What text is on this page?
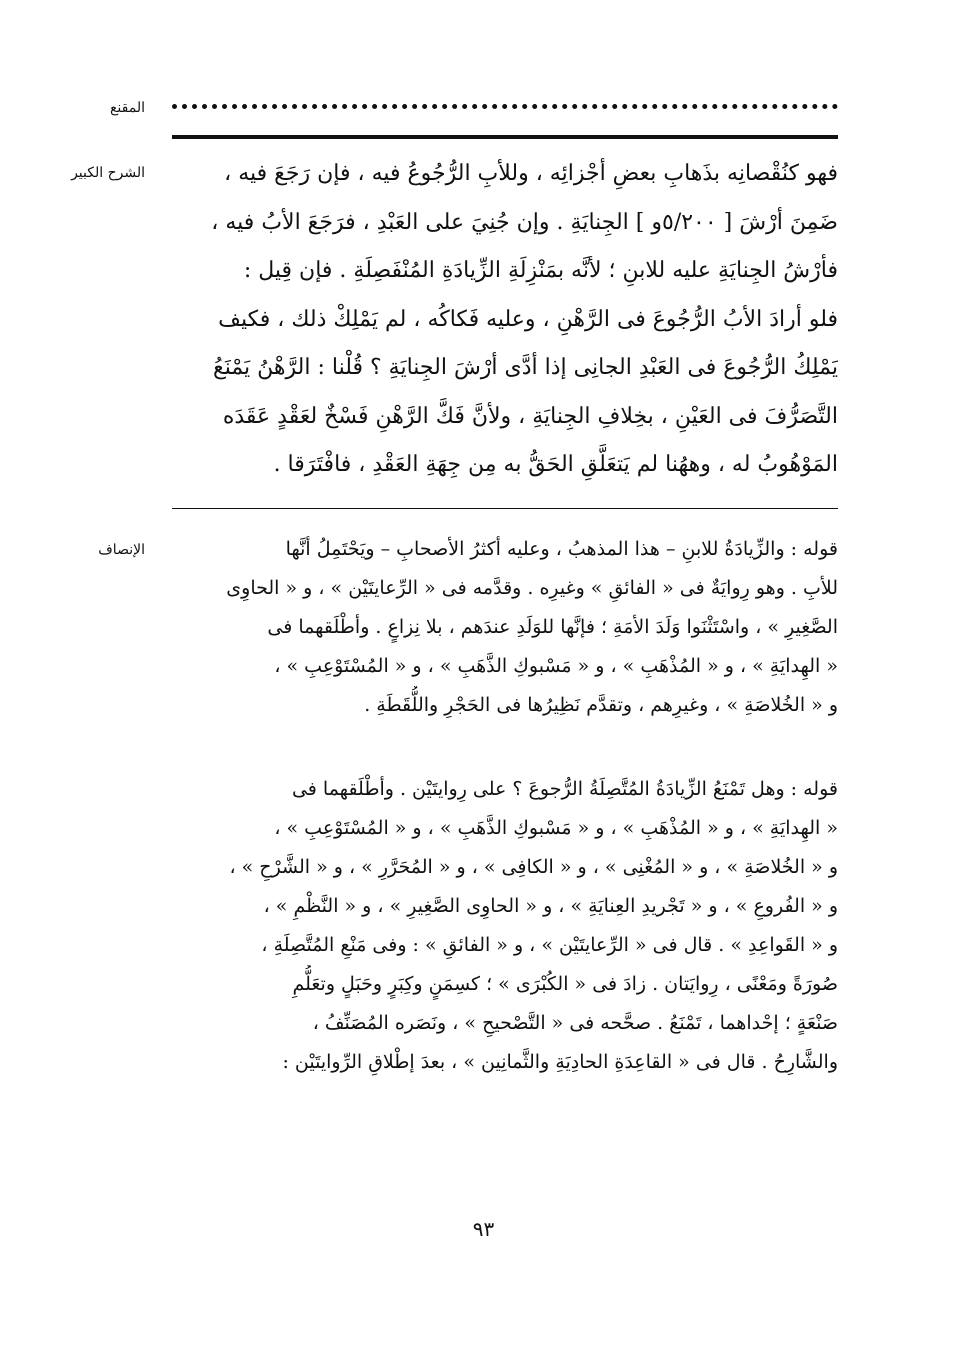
المقنع
الشرح الكبير	فهو كنُقْصانِه بذَهابِ بعضِ أجْزائِه ، وللأبِ الرُّجُوعُ فيه ، فإن رَجَعَ فيه ،
ضَمِنَ أرْشَ [ ٥/٢٠٠و ] الجِنايَةِ . وإن جُنِيَ على العَبْدِ ، فرَجَعَ الأبُ فيه ،
فأرْشُ الجِنايَةِ عليه للابنِ ؛ لأنَّه بمَنْزِلَةِ الزِّيادَةِ المُنْفَصِلَةِ . فإن قِيل :
فلو أرادَ الأبُ الرُّجُوعَ فى الرَّهْنِ ، وعليه فَكاكُه ، لم يَمْلِكْ ذلك ، فكيف
يَمْلِكُ الرُّجُوعَ فى العَبْدِ الجانِى إذا أدَّى أرْشَ الجِنايَةِ ؟ قُلْنا : الرَّهْنُ يَمْنَعُ
التَّصَرُّفَ فى العَيْنِ ، بخِلافِ الجِنايَةِ ، ولأنَّ فَكَّ الرَّهْنِ فَسْخٌ لعَقْدٍ عَقَدَه
المَوْهُوبُ له ، وههُنا لم يَتعَلَّقِ الحَقُّ به مِن جِهَةِ العَقْدِ ، فافْتَرَقا .
الإنصاف	قوله : والزِّيادَةُ للابنِ – هذا المذهبُ ، وعليه أكثرُ الأصحابِ – ويَحْتَمِلُ أنَّها
للأبِ . وهو رِوايَةٌ فى « الفائقِ » وغيرِه . وقدَّمه فى « الرِّعايتَيْن » ، و « الحاوِى
الصَّغِيرِ » ، واسْتَثْنَوا وَلَدَ الأمَةِ ؛ فإنَّها للوَلَدِ عندَهم ، بلا نِزاعٍ . وأطْلَقهما فى
« الهِدايَةِ » ، و « المُذْهَبِ » ، و « مَسْبوكِ الذَّهَبِ » ، و « المُسْتَوْعِبِ » ،
و « الخُلاصَةِ » ، وغيرِهم ، وتقدَّم نَظِيرُها فى الحَجْرِ واللُّقَطَةِ .
قوله : وهل تَمْنَعُ الزِّيادَةُ المُتَّصِلَةُ الرُّجوعَ ؟ على رِوايتَيْن . وأطْلَقهما فى
« الهِدايَةِ » ، و « المُذْهَبِ » ، و « مَسْبوكِ الذَّهَبِ » ، و « المُسْتَوْعِبِ » ،
و « الخُلاصَةِ » ، و « المُغْنِى » ، و « الكافِى » ، و « المُحَرَّرِ » ، و « الشَّرْحِ » ،
و « الفُروعِ » ، و « تَجْريدِ العِنايَةِ » ، و « الحاوِى الصَّغِيرِ » ، و « النَّظْمِ » ،
و « القَواعِدِ » . قال فى « الرِّعايتَيْن » ، و « الفائقِ » : وفى مَنْعِ المُتَّصِلَةِ ،
صُورَةً ومَعْنًى ، رِوايَتان . زادَ فى « الكُبْرَى » ؛ كسِمَنٍ وكِبَرٍ وحَبَلٍ وتعَلُّمِ
صَنْعَةٍ ؛ إحْداهما ، تَمْنَعُ . صحَّحه فى « التَّصْحيحِ » ، ونَصَره المُصَنِّفُ ،
والشَّارِحُ . قال فى « القاعِدَةِ الحادِيَةِ والثَّمانِين » ، بعدَ إطْلاقِ الرِّوايتَيْن :
٩٣
